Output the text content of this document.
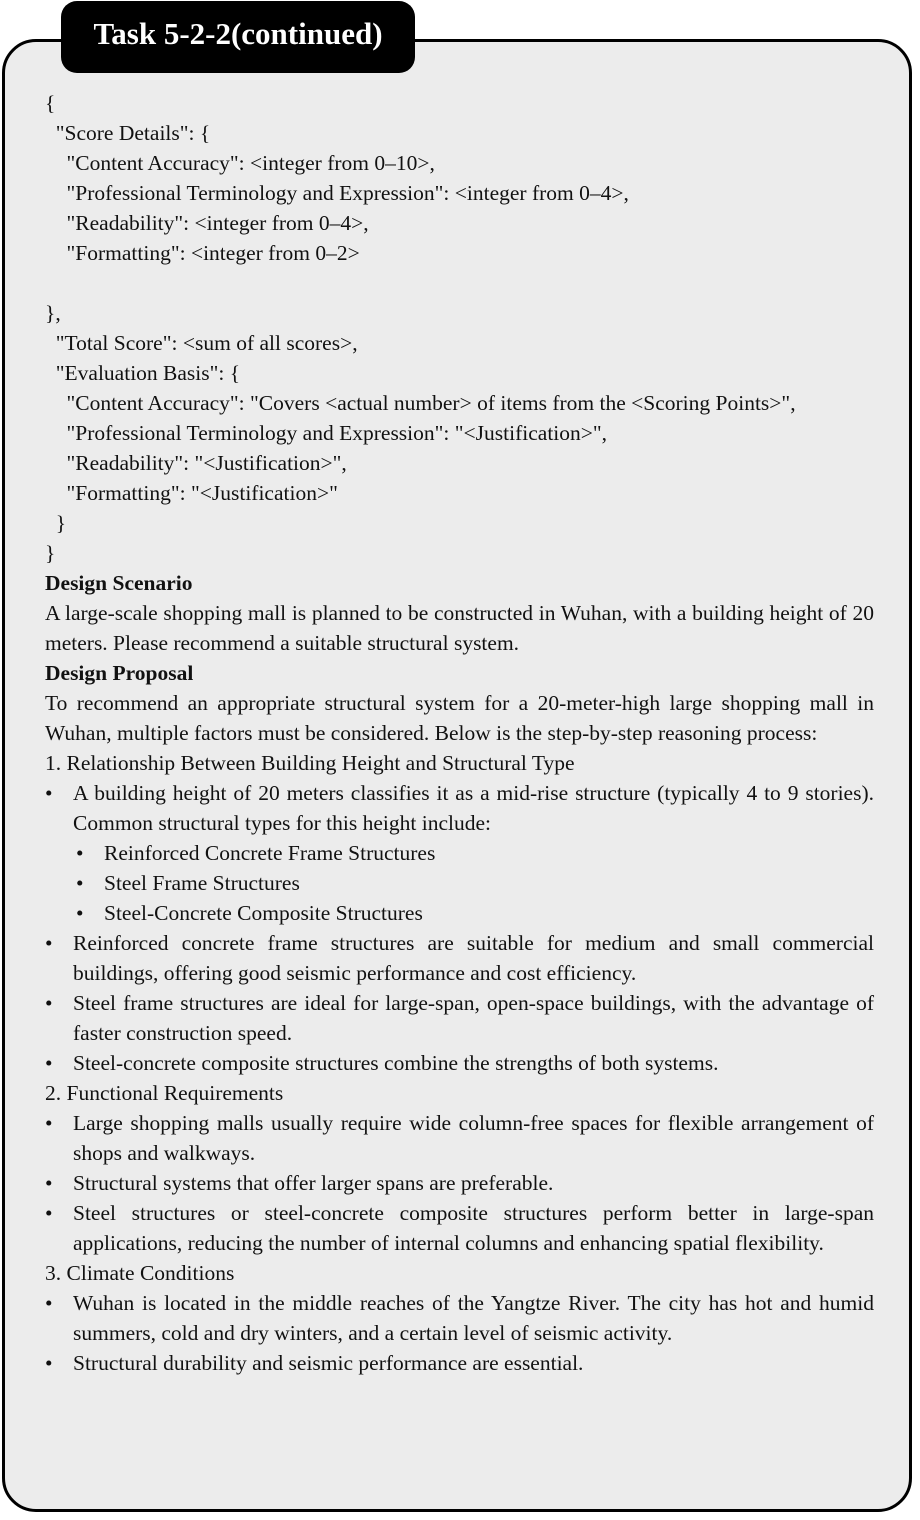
Task 5-2-2(continued)
{
"Score Details": {
"Content Accuracy": <integer from 0–10>,
"Professional Terminology and Expression": <integer from 0–4>,
"Readability": <integer from 0–4>,
"Formatting": <integer from 0–2>
},
"Total Score": <sum of all scores>,
"Evaluation Basis": {
"Content Accuracy": "Covers <actual number> of items from the <Scoring Points>",
"Professional Terminology and Expression": "<Justification>",
"Readability": "<Justification>",
"Formatting": "<Justification>"
}
}
Design Scenario
A large-scale shopping mall is planned to be constructed in Wuhan, with a building height of 20 meters. Please recommend a suitable structural system.
Design Proposal
To recommend an appropriate structural system for a 20-meter-high large shopping mall in Wuhan, multiple factors must be considered. Below is the step-by-step reasoning process:
1. Relationship Between Building Height and Structural Type
• A building height of 20 meters classifies it as a mid-rise structure (typically 4 to 9 stories). Common structural types for this height include:
• Reinforced Concrete Frame Structures
• Steel Frame Structures
• Steel-Concrete Composite Structures
• Reinforced concrete frame structures are suitable for medium and small commercial buildings, offering good seismic performance and cost efficiency.
• Steel frame structures are ideal for large-span, open-space buildings, with the advantage of faster construction speed.
• Steel-concrete composite structures combine the strengths of both systems.
2. Functional Requirements
• Large shopping malls usually require wide column-free spaces for flexible arrangement of shops and walkways.
• Structural systems that offer larger spans are preferable.
• Steel structures or steel-concrete composite structures perform better in large-span applications, reducing the number of internal columns and enhancing spatial flexibility.
3. Climate Conditions
• Wuhan is located in the middle reaches of the Yangtze River. The city has hot and humid summers, cold and dry winters, and a certain level of seismic activity.
• Structural durability and seismic performance are essential.
